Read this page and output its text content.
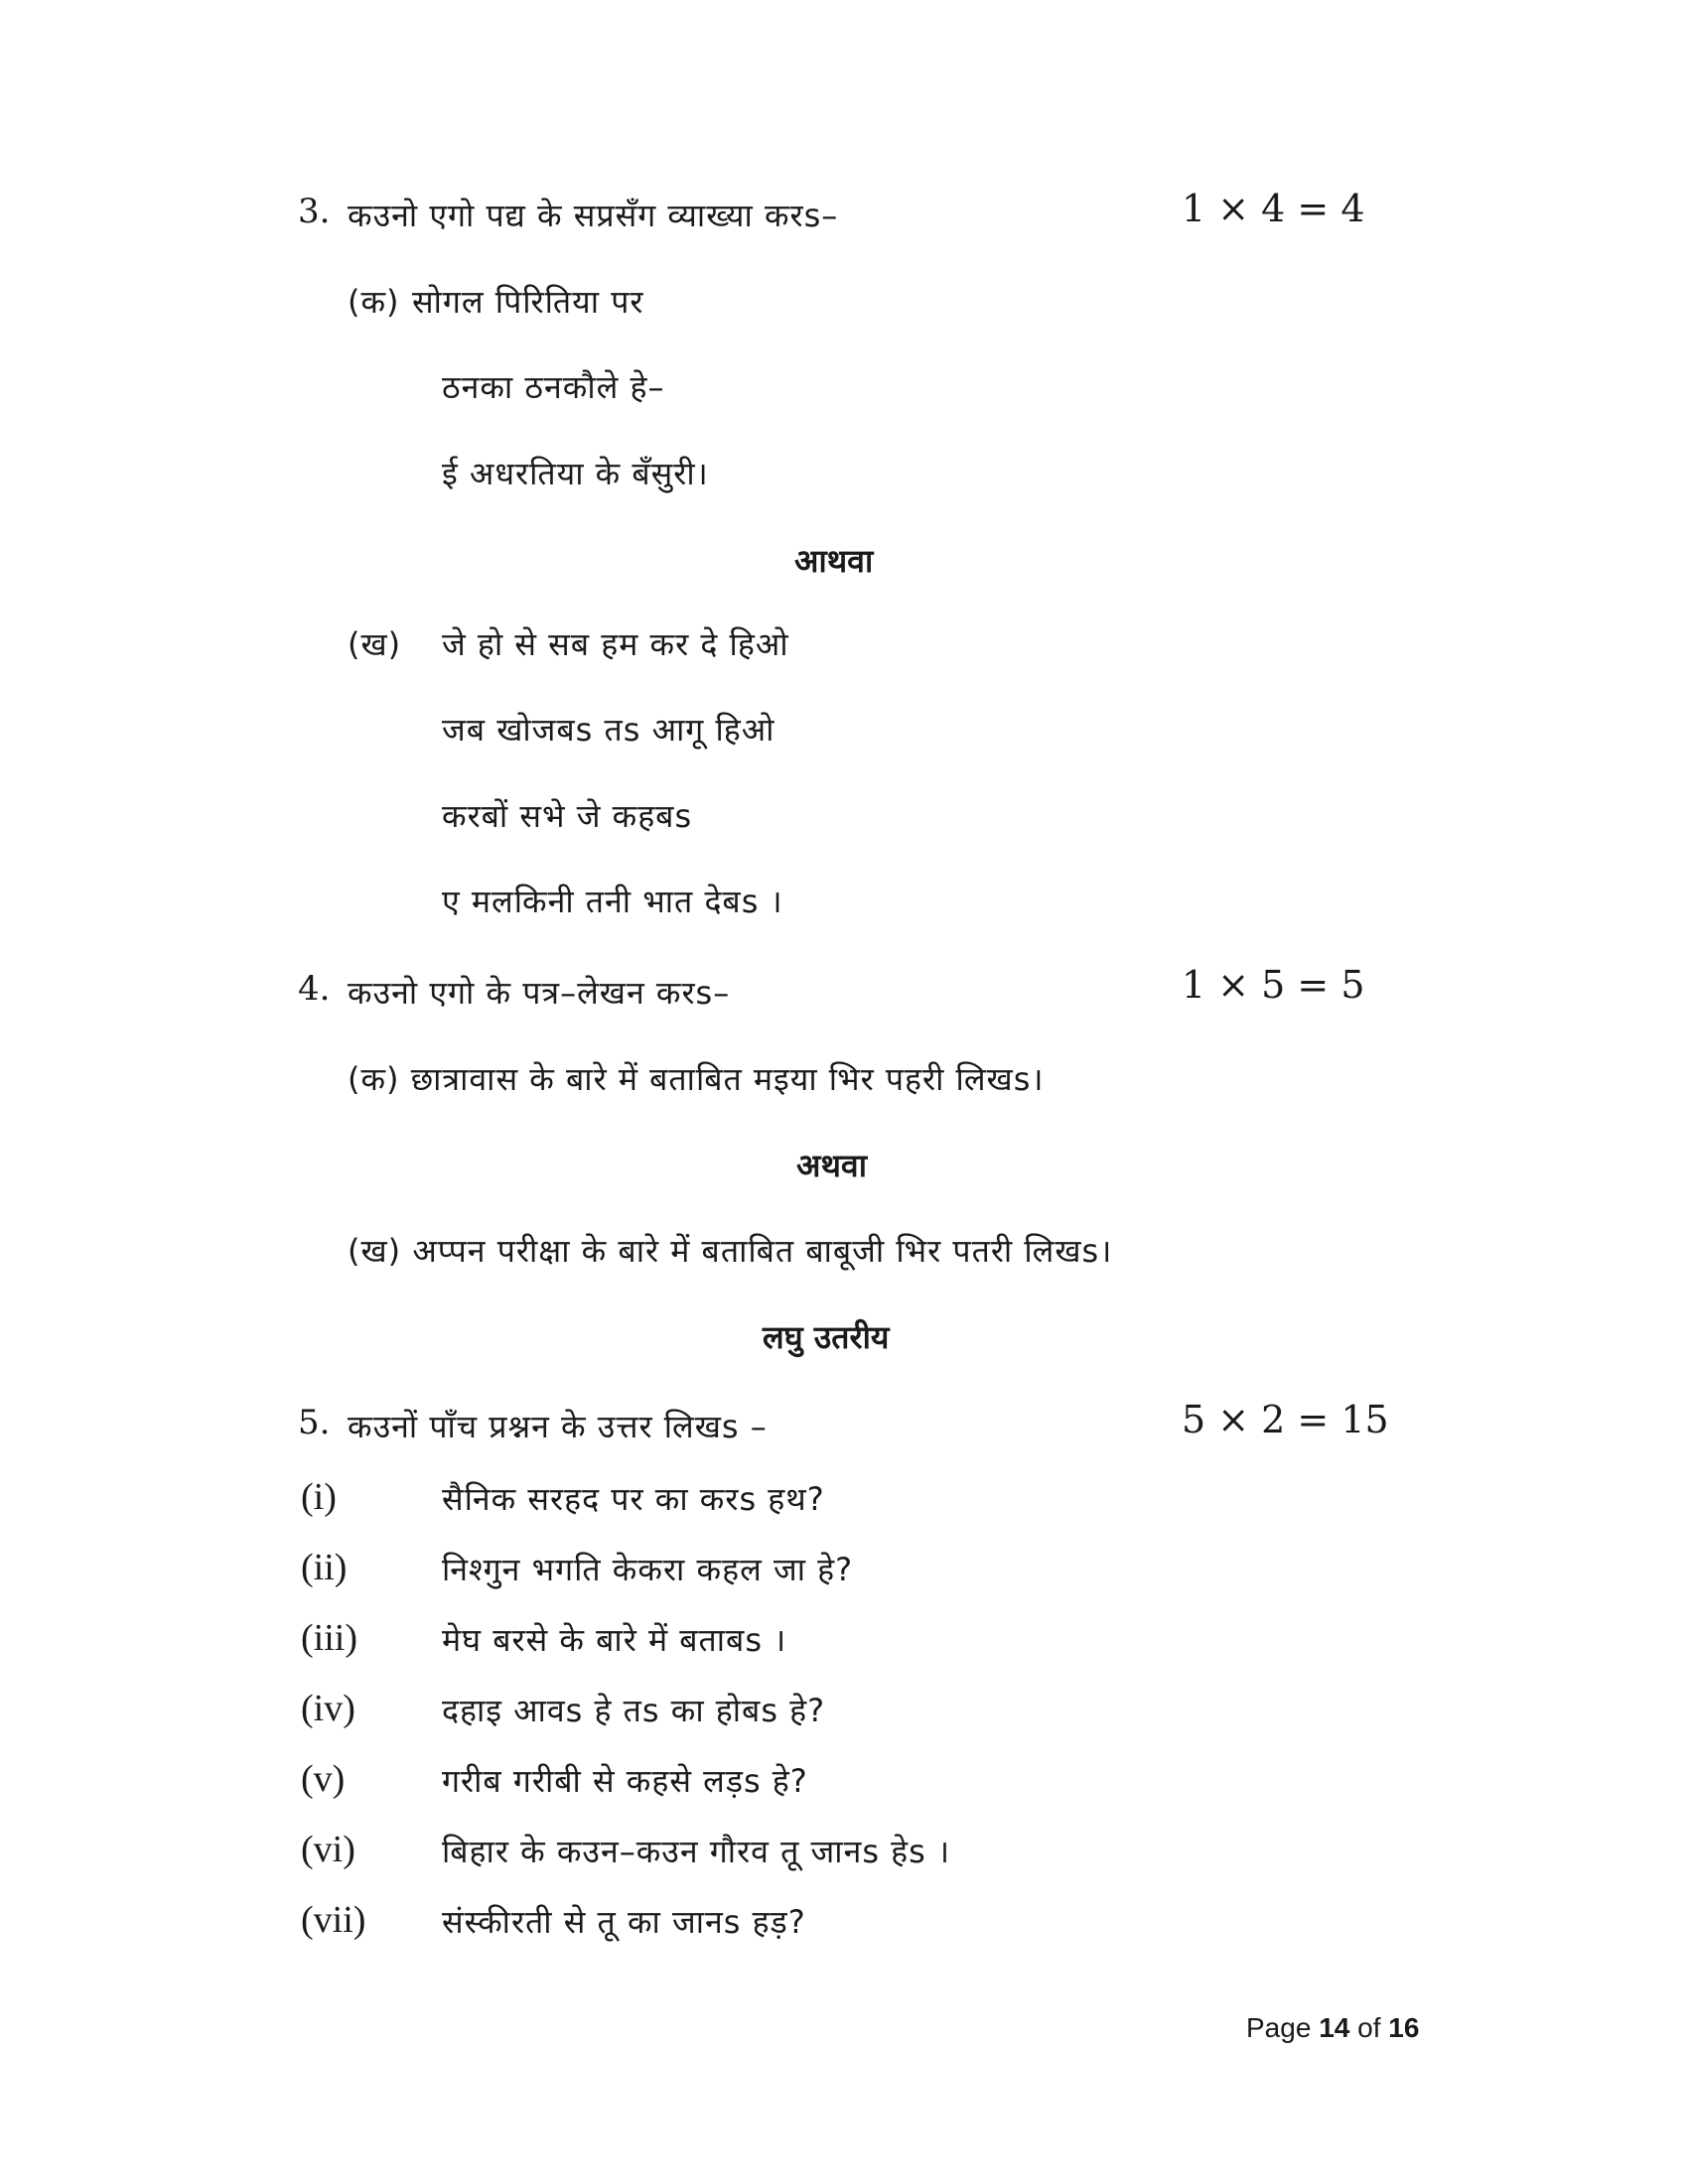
3. कउनो एगो पद्य के सप्रसँग व्याख्या करs–	1 × 4 = 4
(क) सोगल पिरितिया पर
ठनका ठनकौले हे–
ई अधरतिया के बँसुरी।
आथवा
(ख) जे हो से सब हम कर दे हिओ
जब खोजबs तs आगू हिओ
करबों सभे जे कहबs
ए मलकिनी तनी भात देबs ।
4. कउनो एगो के पत्र–लेखन करs–	1 × 5 = 5
(क) छात्रावास के बारे में बताबित मइया भिर पहरी लिखs।
अथवा
(ख) अप्पन परीक्षा के बारे में बताबित बाबूजी भिर पतरी लिखs।
लघु उतरीय
5. कउनों पाँच प्रश्नन के उत्तर लिखs –	5 × 2 = 15
(i)	सैनिक सरहद पर का करs हथ?
(ii)	निश्गुन भगति केकरा कहल जा हे?
(iii)	मेघ बरसे के बारे में बताबs ।
(iv)	दहाइ आवs हे तs का होबs हे?
(v)	गरीब गरीबी से कहसे लड़s हे?
(vi)	बिहार के कउन–कउन गौरव तू जानs हेs ।
(vii) संस्कीरती से तू का जानs हड़?
Page 14 of 16
